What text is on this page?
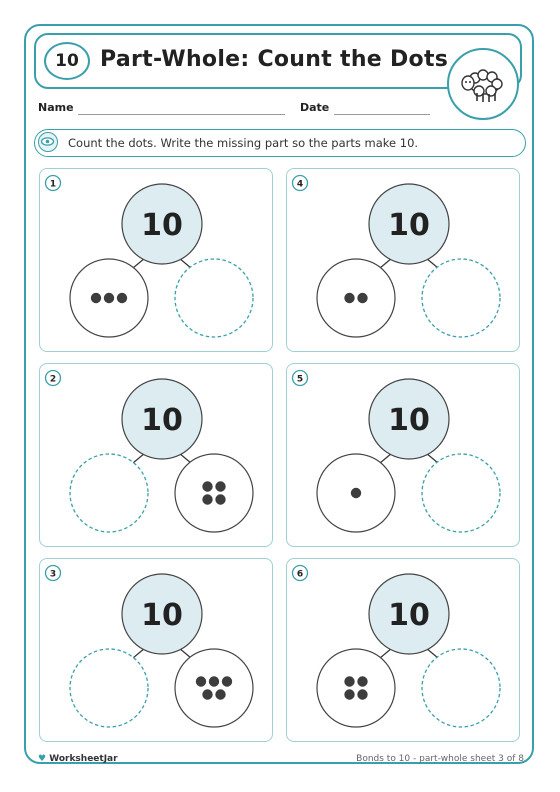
10 Part-Whole: Count the Dots
Name	Date
Count the dots. Write the missing part so the parts make 10.
1
10
2
10
3
10
4
10
5
10
6
10
♥ WorksheetJar	Bonds to 10 - part-whole sheet 3 of 8
